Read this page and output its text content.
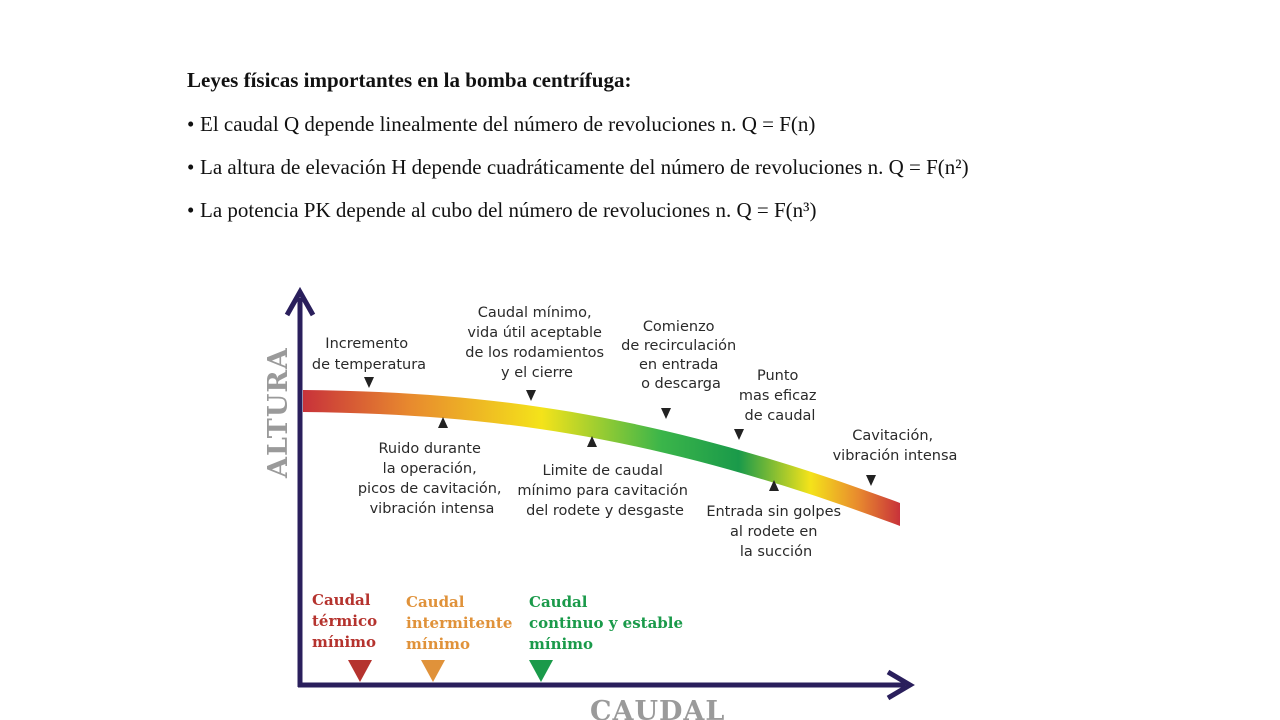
Leyes físicas importantes en la bomba centrífuga:
• El caudal Q depende linealmente del número de revoluciones n. Q = F(n)
• La altura de elevación H depende cuadráticamente del número de revoluciones n. Q = F(n²)
• La potencia PK depende al cubo del número de revoluciones n. Q = F(n³)
ALTURA
CAUDAL
Incremento de temperatura
Caudal mínimo, vida útil aceptable de los rodamientos y el cierre
Comienzo de recirculación en entrada o descarga	Punto mas eficaz de caudal
Cavitación, vibración intensa
Ruido durante la operación, picos de cavitación, vibración intensa
Limite de caudal mínimo para cavitación del rodete y desgaste	Entrada sin golpes al rodete en la succión
Caudal térmico mínimo
Caudal intermitente mínimo
Caudal continuo y estable mínimo
